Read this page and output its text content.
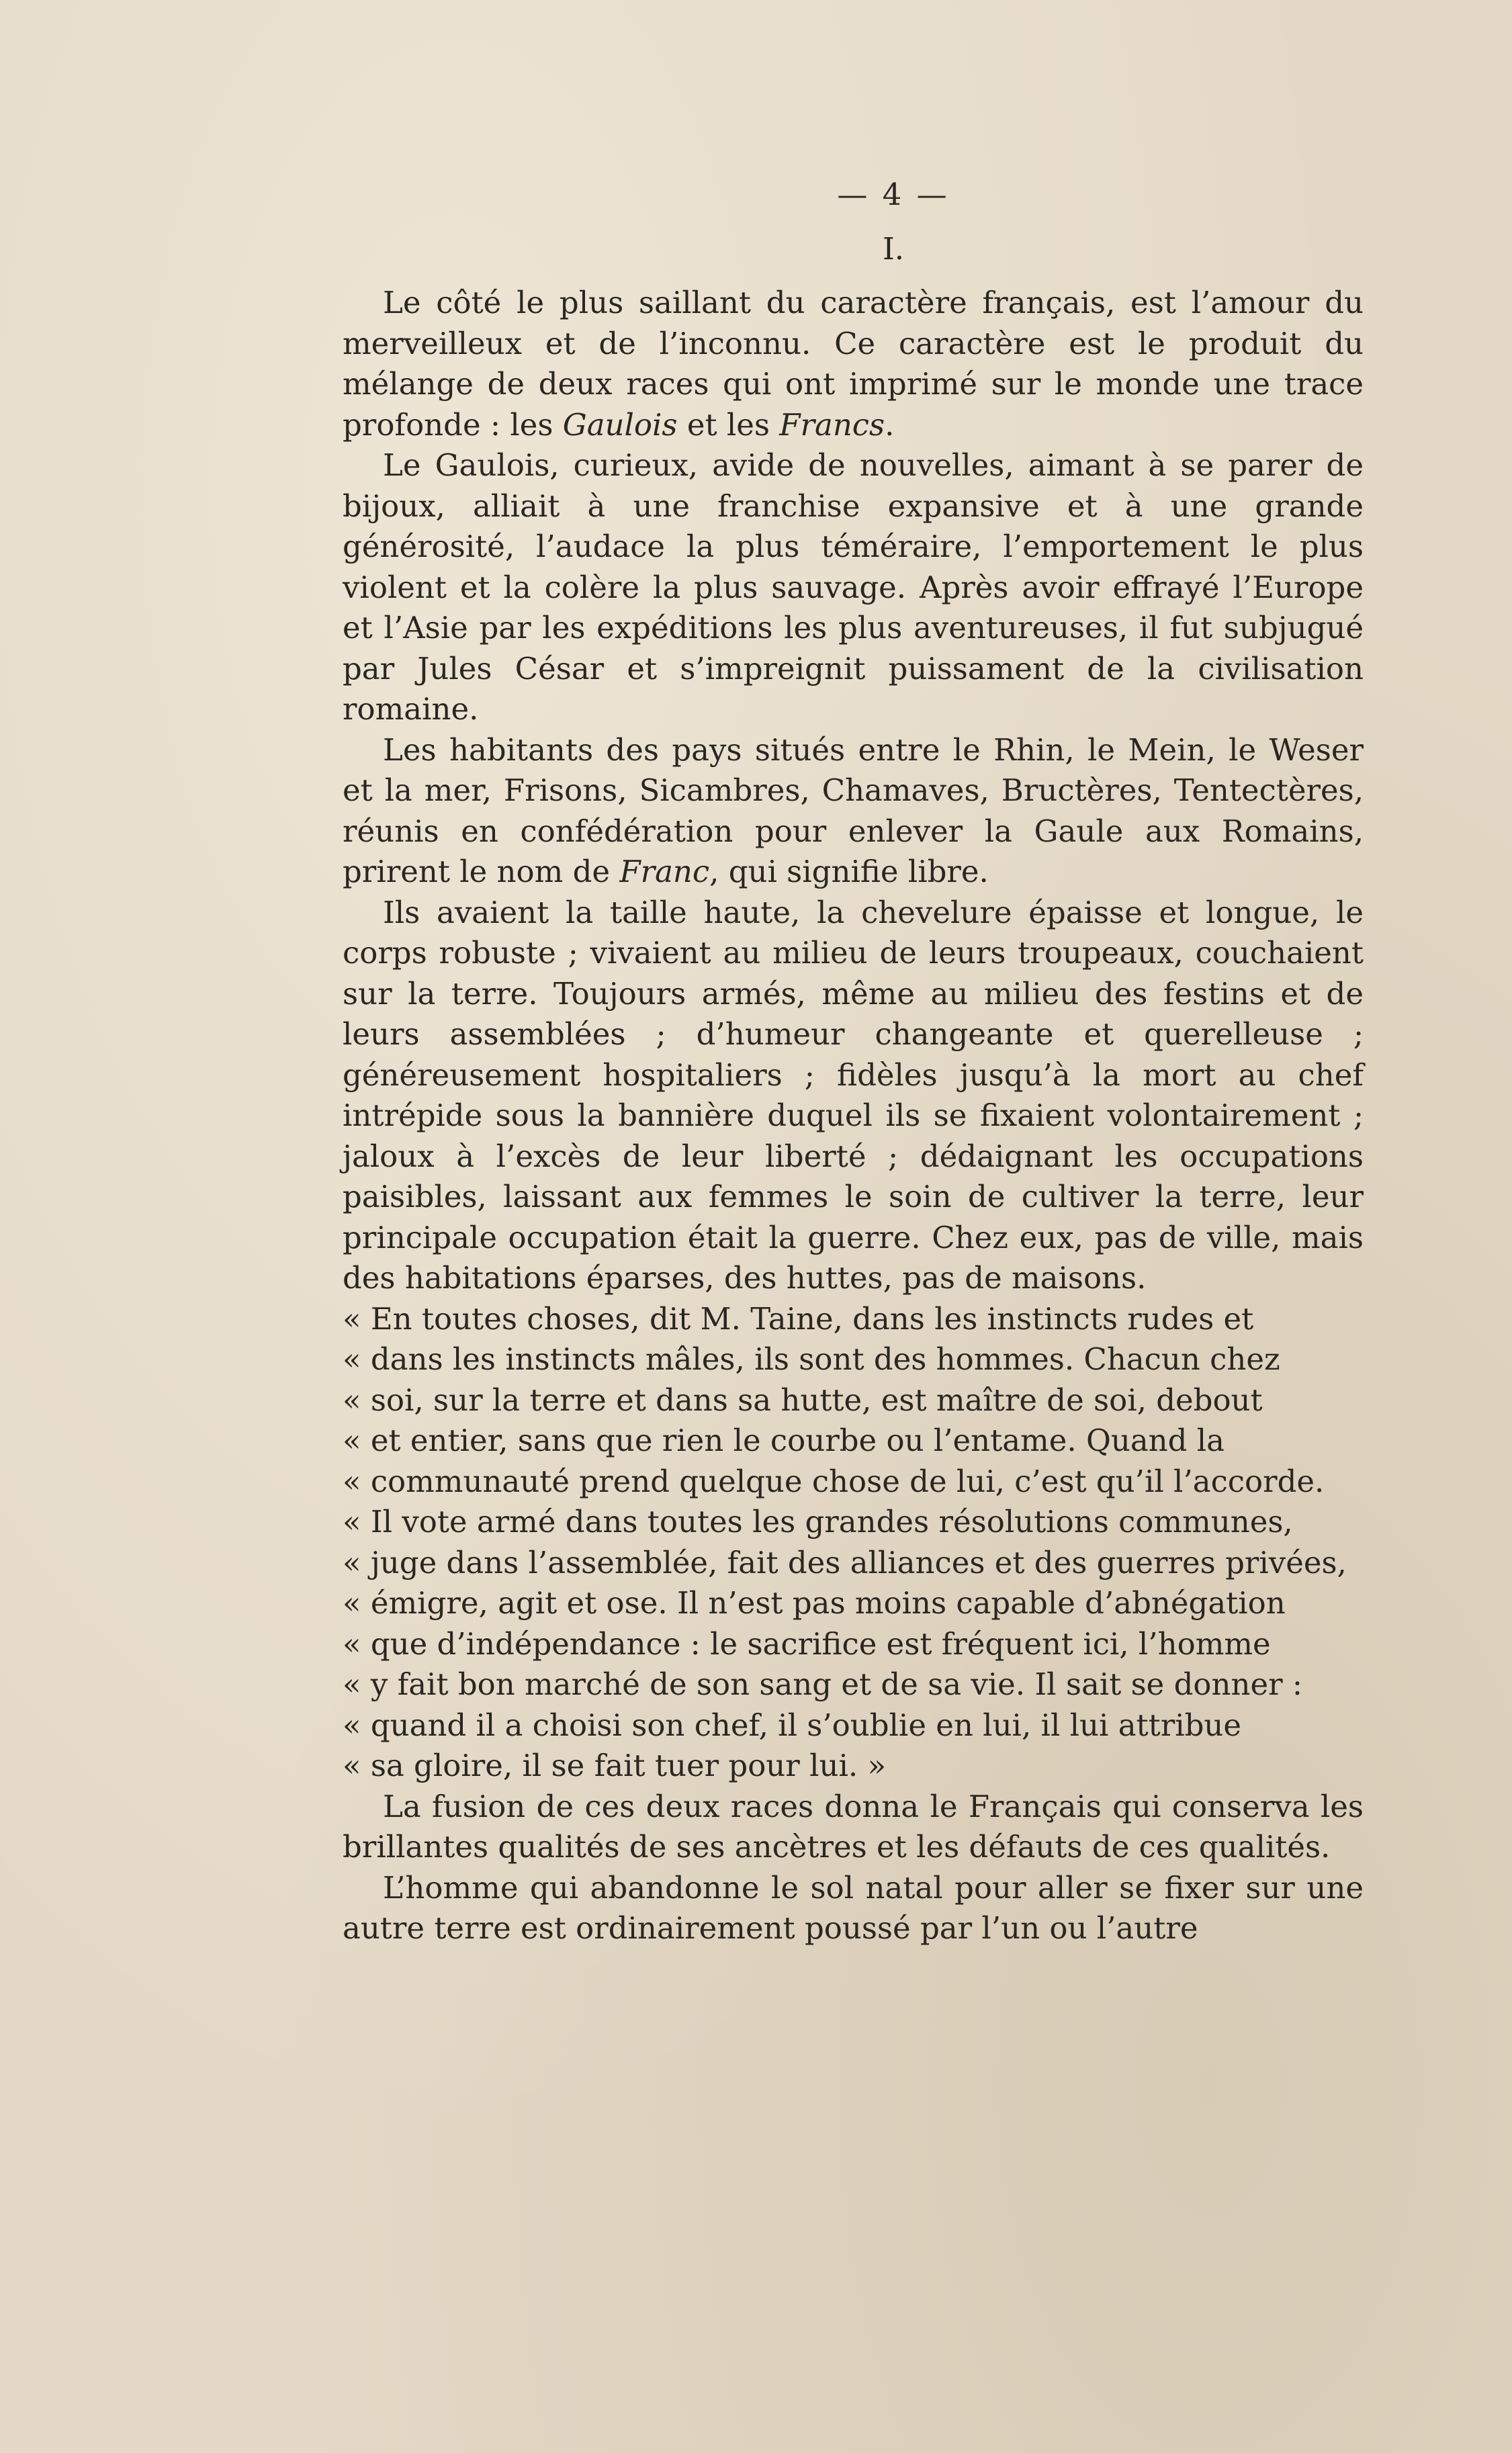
— 4 —
I.

Le côté le plus saillant du caractère français, est l’amour du merveilleux et de l’inconnu. Ce caractère est le produit du mélange de deux races qui ont imprimé sur le monde une trace profonde : les Gaulois et les Francs.

Le Gaulois, curieux, avide de nouvelles, aimant à se parer de bijoux, alliait à une franchise expansive et à une grande générosité, l’audace la plus téméraire, l’emportement le plus violent et la colère la plus sauvage. Après avoir effrayé l’Europe et l’Asie par les expéditions les plus aventureuses, il fut subjugué par Jules César et s’impreignit puissament de la civilisation romaine.

Les habitants des pays situés entre le Rhin, le Mein, le Weser et la mer, Frisons, Sicambres, Chamaves, Bructères, Tentectères, réunis en confédération pour enlever la Gaule aux Romains, prirent le nom de Franc, qui signifie libre.

Ils avaient la taille haute, la chevelure épaisse et longue, le corps robuste ; vivaient au milieu de leurs troupeaux, couchaient sur la terre. Toujours armés, même au milieu des festins et de leurs assemblées ; d’humeur changeante et querelleuse ; généreusement hospitaliers ; fidèles jusqu’à la mort au chef intrépide sous la bannière duquel ils se fixaient volontairement ; jaloux à l’excès de leur liberté ; dédaignant les occupations paisibles, laissant aux femmes le soin de cultiver la terre, leur principale occupation était la guerre. Chez eux, pas de ville, mais des habitations éparses, des huttes, pas de maisons.

« En toutes choses, dit M. Taine, dans les instincts rudes et
« dans les instincts mâles, ils sont des hommes. Chacun chez
« soi, sur la terre et dans sa hutte, est maître de soi, debout
« et entier, sans que rien le courbe ou l’entame. Quand la
« communauté prend quelque chose de lui, c’est qu’il l’accorde.
« Il vote armé dans toutes les grandes résolutions communes,
« juge dans l’assemblée, fait des alliances et des guerres privées,
« émigre, agit et ose. Il n’est pas moins capable d’abnégation
« que d’indépendance : le sacrifice est fréquent ici, l’homme
« y fait bon marché de son sang et de sa vie. Il sait se donner :
« quand il a choisi son chef, il s’oublie en lui, il lui attribue
« sa gloire, il se fait tuer pour lui. »

La fusion de ces deux races donna le Français qui conserva les brillantes qualités de ses ancètres et les défauts de ces qualités.

L’homme qui abandonne le sol natal pour aller se fixer sur une autre terre est ordinairement poussé par l’un ou l’autre
